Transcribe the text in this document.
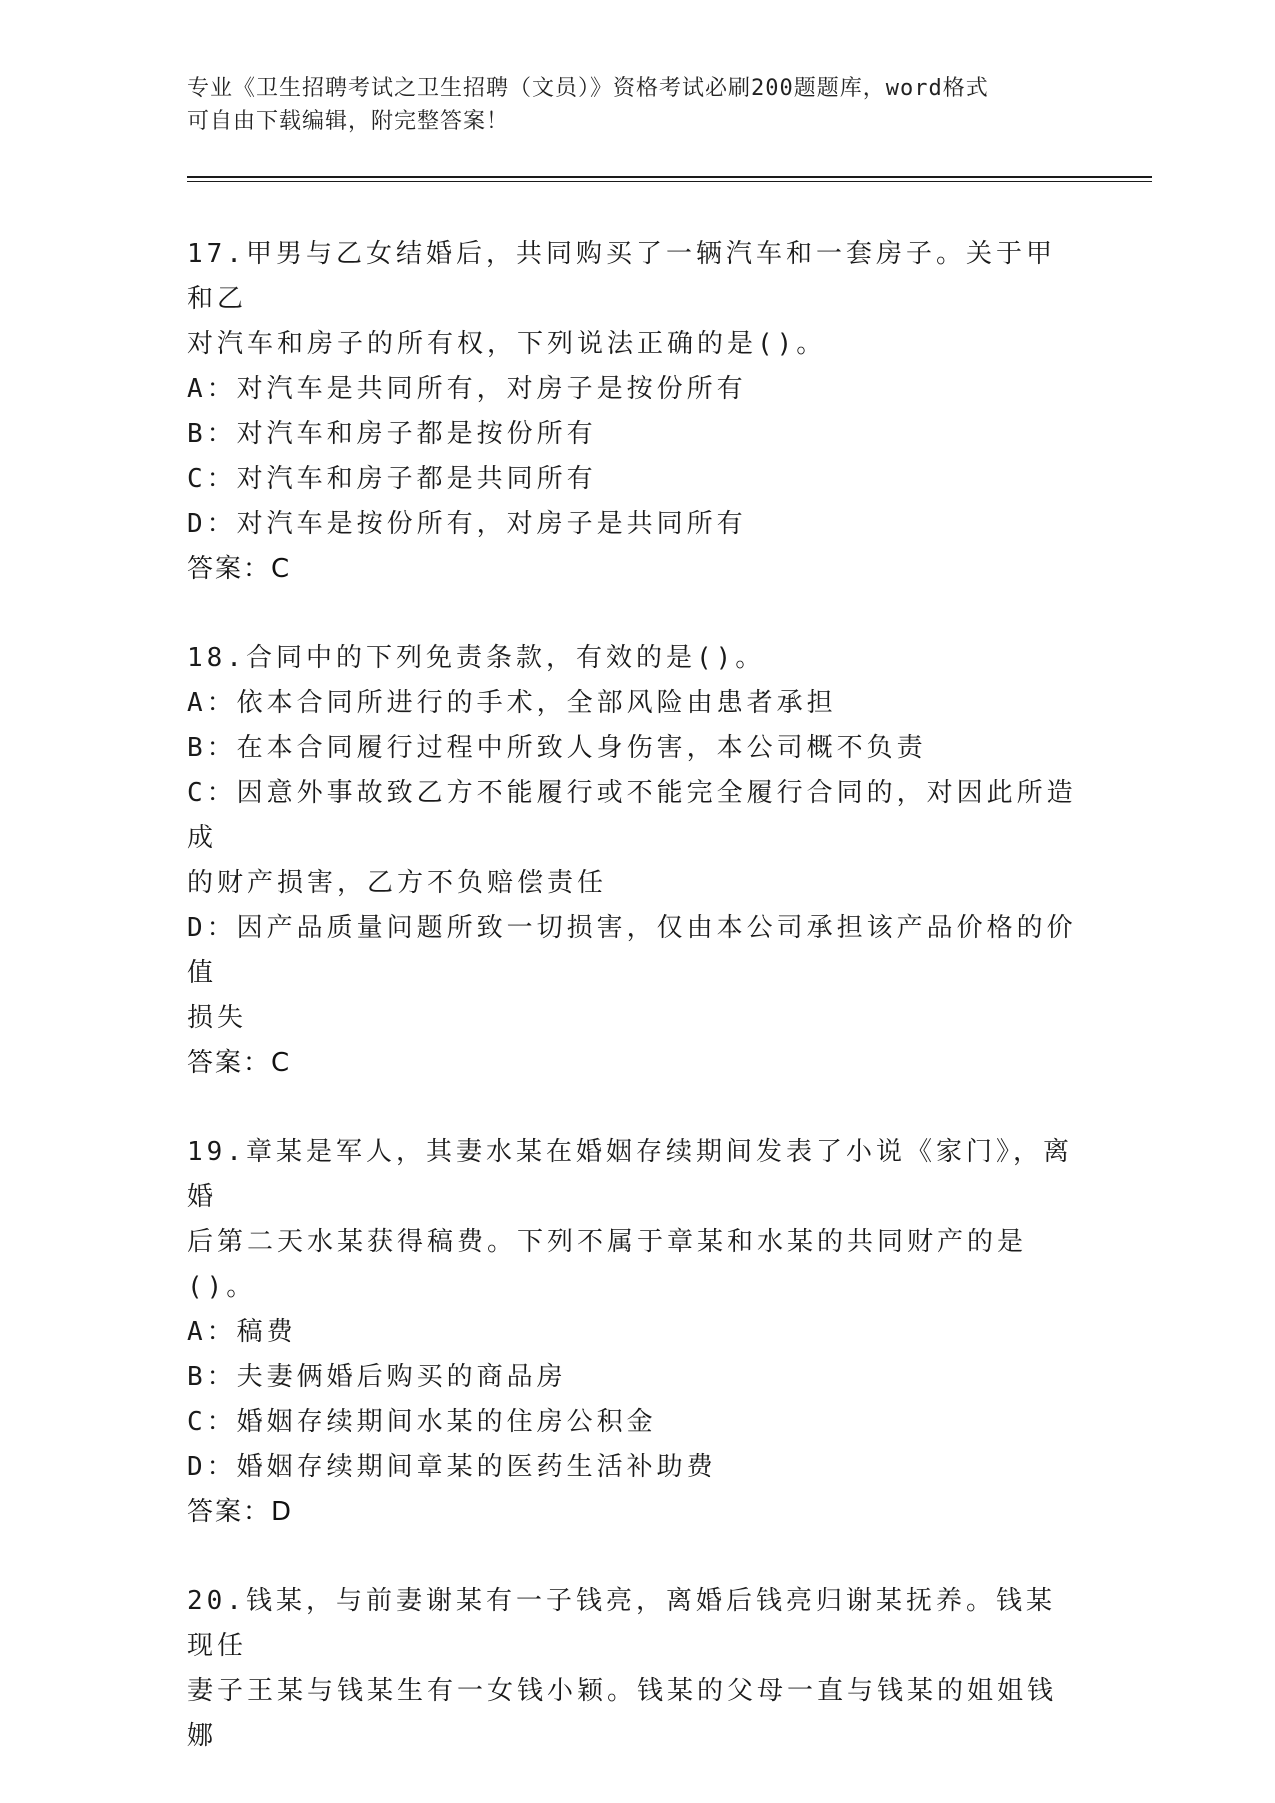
专业《卫生招聘考试之卫生招聘（文员）》资格考试必刷200题题库，word格式
可自由下载编辑，附完整答案！
17.甲男与乙女结婚后，共同购买了一辆汽车和一套房子。关于甲和乙
对汽车和房子的所有权，下列说法正确的是()。
A：对汽车是共同所有，对房子是按份所有
B：对汽车和房子都是按份所有
C：对汽车和房子都是共同所有
D：对汽车是按份所有，对房子是共同所有
答案：C
18.合同中的下列免责条款，有效的是()。
A：依本合同所进行的手术，全部风险由患者承担
B：在本合同履行过程中所致人身伤害，本公司概不负责
C：因意外事故致乙方不能履行或不能完全履行合同的，对因此所造成
的财产损害，乙方不负赔偿责任
D：因产品质量问题所致一切损害，仅由本公司承担该产品价格的价值
损失
答案：C
19.章某是军人，其妻水某在婚姻存续期间发表了小说《家门》，离婚
后第二天水某获得稿费。下列不属于章某和水某的共同财产的是()。
A：稿费
B：夫妻俩婚后购买的商品房
C：婚姻存续期间水某的住房公积金
D：婚姻存续期间章某的医药生活补助费
答案：D
20.钱某，与前妻谢某有一子钱亮，离婚后钱亮归谢某抚养。钱某现任
妻子王某与钱某生有一女钱小颖。钱某的父母一直与钱某的姐姐钱娜
